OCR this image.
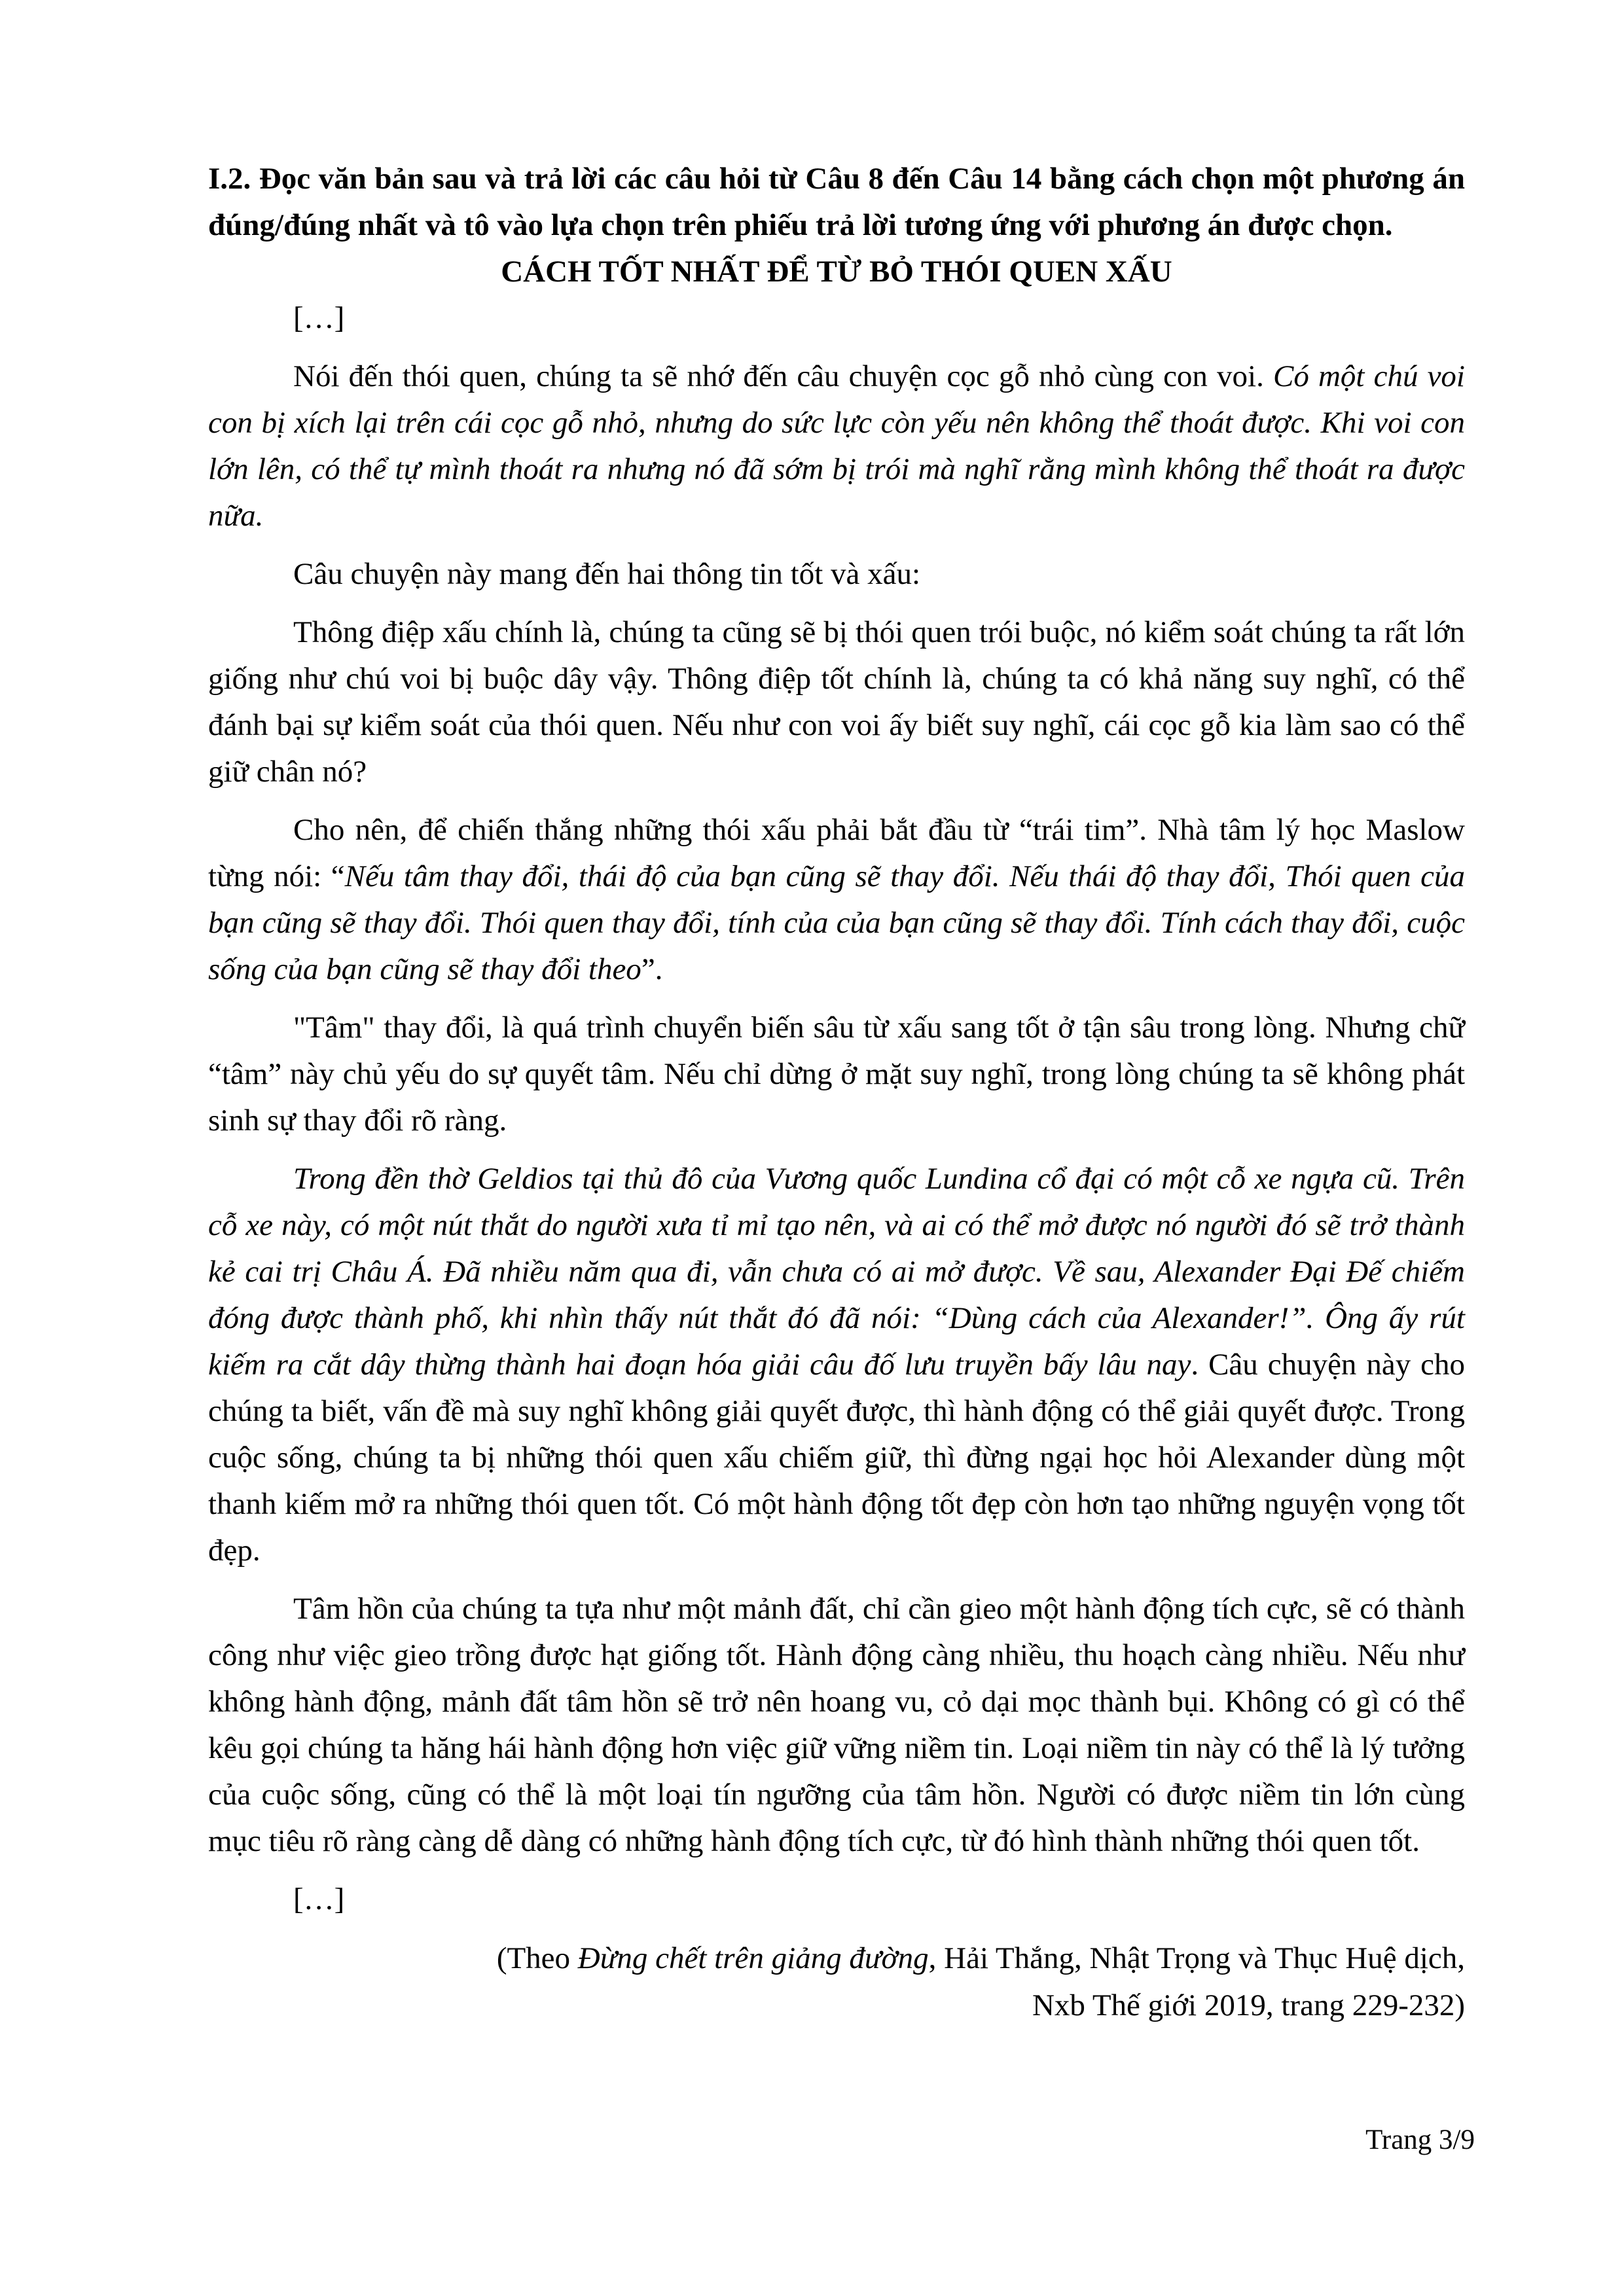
I.2. Đọc văn bản sau và trả lời các câu hỏi từ Câu 8 đến Câu 14 bằng cách chọn một phương án đúng/đúng nhất và tô vào lựa chọn trên phiếu trả lời tương ứng với phương án được chọn.

CÁCH TỐT NHẤT ĐỂ TỪ BỎ THÓI QUEN XẤU

[…]

Nói đến thói quen, chúng ta sẽ nhớ đến câu chuyện cọc gỗ nhỏ cùng con voi. Có một chú voi con bị xích lại trên cái cọc gỗ nhỏ, nhưng do sức lực còn yếu nên không thể thoát được. Khi voi con lớn lên, có thể tự mình thoát ra nhưng nó đã sớm bị trói mà nghĩ rằng mình không thể thoát ra được nữa.

Câu chuyện này mang đến hai thông tin tốt và xấu:

Thông điệp xấu chính là, chúng ta cũng sẽ bị thói quen trói buộc, nó kiểm soát chúng ta rất lớn giống như chú voi bị buộc dây vậy. Thông điệp tốt chính là, chúng ta có khả năng suy nghĩ, có thể đánh bại sự kiểm soát của thói quen. Nếu như con voi ấy biết suy nghĩ, cái cọc gỗ kia làm sao có thể giữ chân nó?

Cho nên, để chiến thắng những thói xấu phải bắt đầu từ “trái tim”. Nhà tâm lý học Maslow từng nói: “Nếu tâm thay đổi, thái độ của bạn cũng sẽ thay đổi. Nếu thái độ thay đổi, Thói quen của bạn cũng sẽ thay đổi. Thói quen thay đổi, tính của của bạn cũng sẽ thay đổi. Tính cách thay đổi, cuộc sống của bạn cũng sẽ thay đổi theo”.

"Tâm" thay đổi, là quá trình chuyển biến sâu từ xấu sang tốt ở tận sâu trong lòng. Nhưng chữ “tâm” này chủ yếu do sự quyết tâm. Nếu chỉ dừng ở mặt suy nghĩ, trong lòng chúng ta sẽ không phát sinh sự thay đổi rõ ràng.

Trong đền thờ Geldios tại thủ đô của Vương quốc Lundina cổ đại có một cỗ xe ngựa cũ. Trên cỗ xe này, có một nút thắt do người xưa tỉ mỉ tạo nên, và ai có thể mở được nó người đó sẽ trở thành kẻ cai trị Châu Á. Đã nhiều năm qua đi, vẫn chưa có ai mở được. Về sau, Alexander Đại Đế chiếm đóng được thành phố, khi nhìn thấy nút thắt đó đã nói: “Dùng cách của Alexander!”. Ông ấy rút kiếm ra cắt dây thừng thành hai đoạn hóa giải câu đố lưu truyền bấy lâu nay. Câu chuyện này cho chúng ta biết, vấn đề mà suy nghĩ không giải quyết được, thì hành động có thể giải quyết được. Trong cuộc sống, chúng ta bị những thói quen xấu chiếm giữ, thì đừng ngại học hỏi Alexander dùng một thanh kiếm mở ra những thói quen tốt. Có một hành động tốt đẹp còn hơn tạo những nguyện vọng tốt đẹp.

Tâm hồn của chúng ta tựa như một mảnh đất, chỉ cần gieo một hành động tích cực, sẽ có thành công như việc gieo trồng được hạt giống tốt. Hành động càng nhiều, thu hoạch càng nhiều. Nếu như không hành động, mảnh đất tâm hồn sẽ trở nên hoang vu, cỏ dại mọc thành bụi. Không có gì có thể kêu gọi chúng ta hăng hái hành động hơn việc giữ vững niềm tin. Loại niềm tin này có thể là lý tưởng của cuộc sống, cũng có thể là một loại tín ngưỡng của tâm hồn. Người có được niềm tin lớn cùng mục tiêu rõ ràng càng dễ dàng có những hành động tích cực, từ đó hình thành những thói quen tốt.

[…]

(Theo Đừng chết trên giảng đường, Hải Thắng, Nhật Trọng và Thục Huệ dịch,

Nxb Thế giới 2019, trang 229-232)

Trang 3/9
